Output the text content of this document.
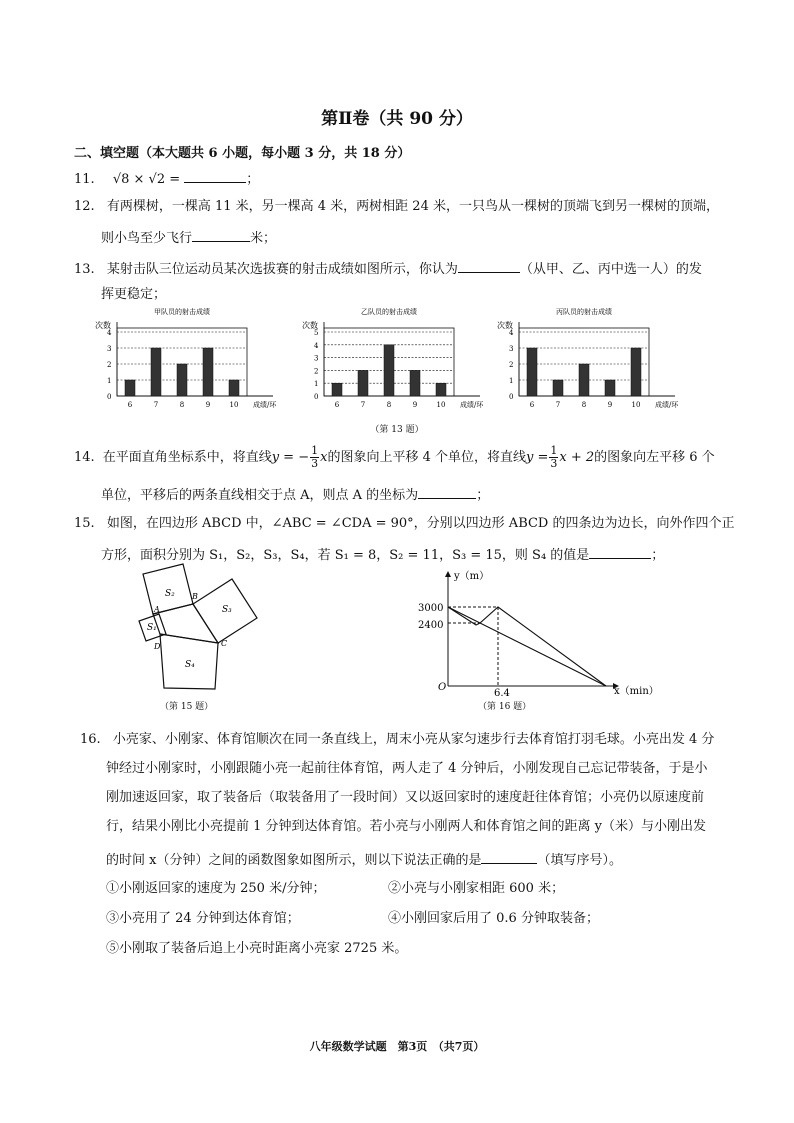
第Ⅱ卷（共 90 分）
二、填空题（本大题共 6 小题，每小题 3 分，共 18 分）
11. √8 × √2 =	；
12. 有两棵树，一棵高 11 米，另一棵高 4 米，两树相距 24 米，一只鸟从一棵树的顶端飞到另一棵树的顶端，
则小鸟至少飞行	米；
13. 某射击队三位运动员某次选拔赛的射击成绩如图所示，你认为	（从甲、乙、丙中选一人）的发
挥更稳定；
甲队员的射击成绩
次数
0
1
2
3
4
6	7	8	9	10 成绩/环
乙队员的射击成绩
次数
0
1
2
3
4
5
6	7	8	9	10 成绩/环
丙队员的射击成绩
次数
0
1
2
3
4
6	7	8	9	10 成绩/环
（第 13 题）
14. 在平面直角坐标系中，将直线 y = − $\frac{1}{3}$ x 的图象向上平移 4 个单位，将直线 $y = \frac{1}{3}$ x + 2 的图象向左平移 6 个
单位，平移后的两条直线相交于点 A，则点 A 的坐标为	；
15. 如图，在四边形 ABCD 中，∠ABC = ∠CDA = 90°，分别以四边形 ABCD 的四条边为边长，向外作四个正
方形，面积分别为 S₁，S₂，S₃，S₄，若 S₁ = 8，S₂ = 11，S₃ = 15，则 S₄ 的值是	；
S₂
S₃
S₁
S₄
A
B
C
D
（第 15 题）
y（m）
x（min）
O
3000
2400
6.4
（第 16 题）
16. 小亮家、小刚家、体育馆顺次在同一条直线上，周末小亮从家匀速步行去体育馆打羽毛球。小亮出发 4 分
钟经过小刚家时，小刚跟随小亮一起前往体育馆，两人走了 4 分钟后，小刚发现自己忘记带装备，于是小
刚加速返回家，取了装备后（取装备用了一段时间）又以返回家时的速度赶往体育馆；小亮仍以原速度前
行，结果小刚比小亮提前 1 分钟到达体育馆。若小亮与小刚两人和体育馆之间的距离 y（米）与小刚出发
的时间 x（分钟）之间的函数图象如图所示，则以下说法正确的是	（填写序号）。
①小刚返回家的速度为 250 米/分钟；	②小亮与小刚家相距 600 米；
③小亮用了 24 分钟到达体育馆；	④小刚回家后用了 0.6 分钟取装备；
⑤小刚取了装备后追上小亮时距离小亮家 2725 米。
八年级数学试题　第3页　（共7页）
